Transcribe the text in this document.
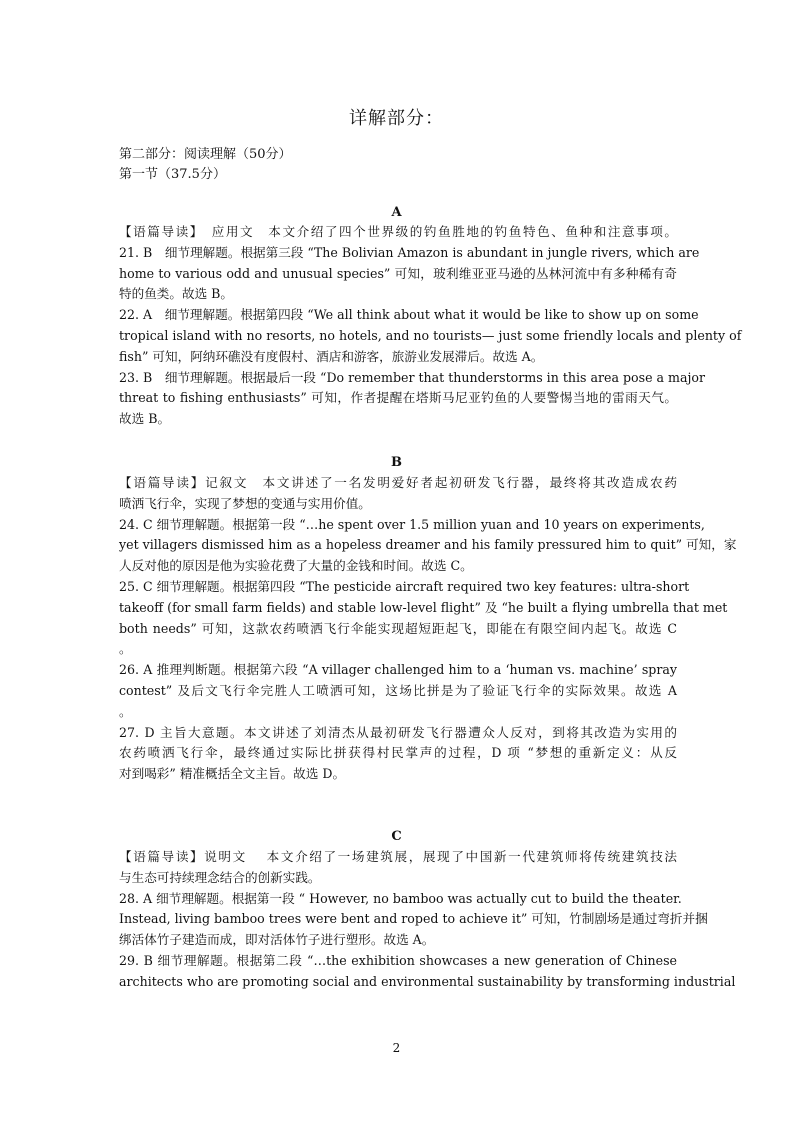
详解部分：
第二部分：阅读理解（50分）
第一节（37.5分）
A
【语篇导读】　应用文　本文介绍了四个世界级的钓鱼胜地的钓鱼特色、鱼种和注意事项。
21. B　细节理解题。根据第三段 “The Bolivian Amazon is abundant in jungle rivers, which are
home to various odd and unusual species” 可知，玻利维亚亚马逊的丛林河流中有多种稀有奇
特的鱼类。故选 B。
22. A　细节理解题。根据第四段 “We all think about what it would be like to show up on some
tropical island with no resorts, no hotels, and no tourists— just some friendly locals and plenty of
fish” 可知，阿纳环礁没有度假村、酒店和游客，旅游业发展滞后。故选 A。
23. B　细节理解题。根据最后一段 “Do remember that thunderstorms in this area pose a major
threat to fishing enthusiasts” 可知，作者提醒在塔斯马尼亚钓鱼的人要警惕当地的雷雨天气。
故选 B。
B
【语篇导读】记叙文　本文讲述了一名发明爱好者起初研发飞行器，最终将其改造成农药
喷洒飞行伞，实现了梦想的变通与实用价值。
24. C 细节理解题。根据第一段 “…he spent over 1.5 million yuan and 10 years on experiments,
yet villagers dismissed him as a hopeless dreamer and his family pressured him to quit” 可知，家
人反对他的原因是他为实验花费了大量的金钱和时间。故选 C。
25. C 细节理解题。根据第四段 “The pesticide aircraft required two key features: ultra-short
takeoff (for small farm fields) and stable low-level flight” 及 “he built a flying umbrella that met
both needs” 可知，这款农药喷洒飞行伞能实现超短距起飞，即能在有限空间内起飞。故选 C
。
26. A 推理判断题。根据第六段 “A villager challenged him to a ‘human vs. machine’ spray
contest” 及后文飞行伞完胜人工喷洒可知，这场比拼是为了验证飞行伞的实际效果。故选 A
。
27. D 主旨大意题。本文讲述了刘清杰从最初研发飞行器遭众人反对，到将其改造为实用的
农药喷洒飞行伞，最终通过实际比拼获得村民掌声的过程，D 项 “梦想的重新定义：从反
对到喝彩” 精准概括全文主旨。故选 D。
C
【语篇导读】说明文　 本文介绍了一场建筑展，展现了中国新一代建筑师将传统建筑技法
与生态可持续理念结合的创新实践。
28. A 细节理解题。根据第一段 “ However, no bamboo was actually cut to build the theater.
Instead, living bamboo trees were bent and roped to achieve it” 可知，竹制剧场是通过弯折并捆
绑活体竹子建造而成，即对活体竹子进行塑形。故选 A。
29. B 细节理解题。根据第二段 “…the exhibition showcases a new generation of Chinese
architects who are promoting social and environmental sustainability by transforming industrial
2
